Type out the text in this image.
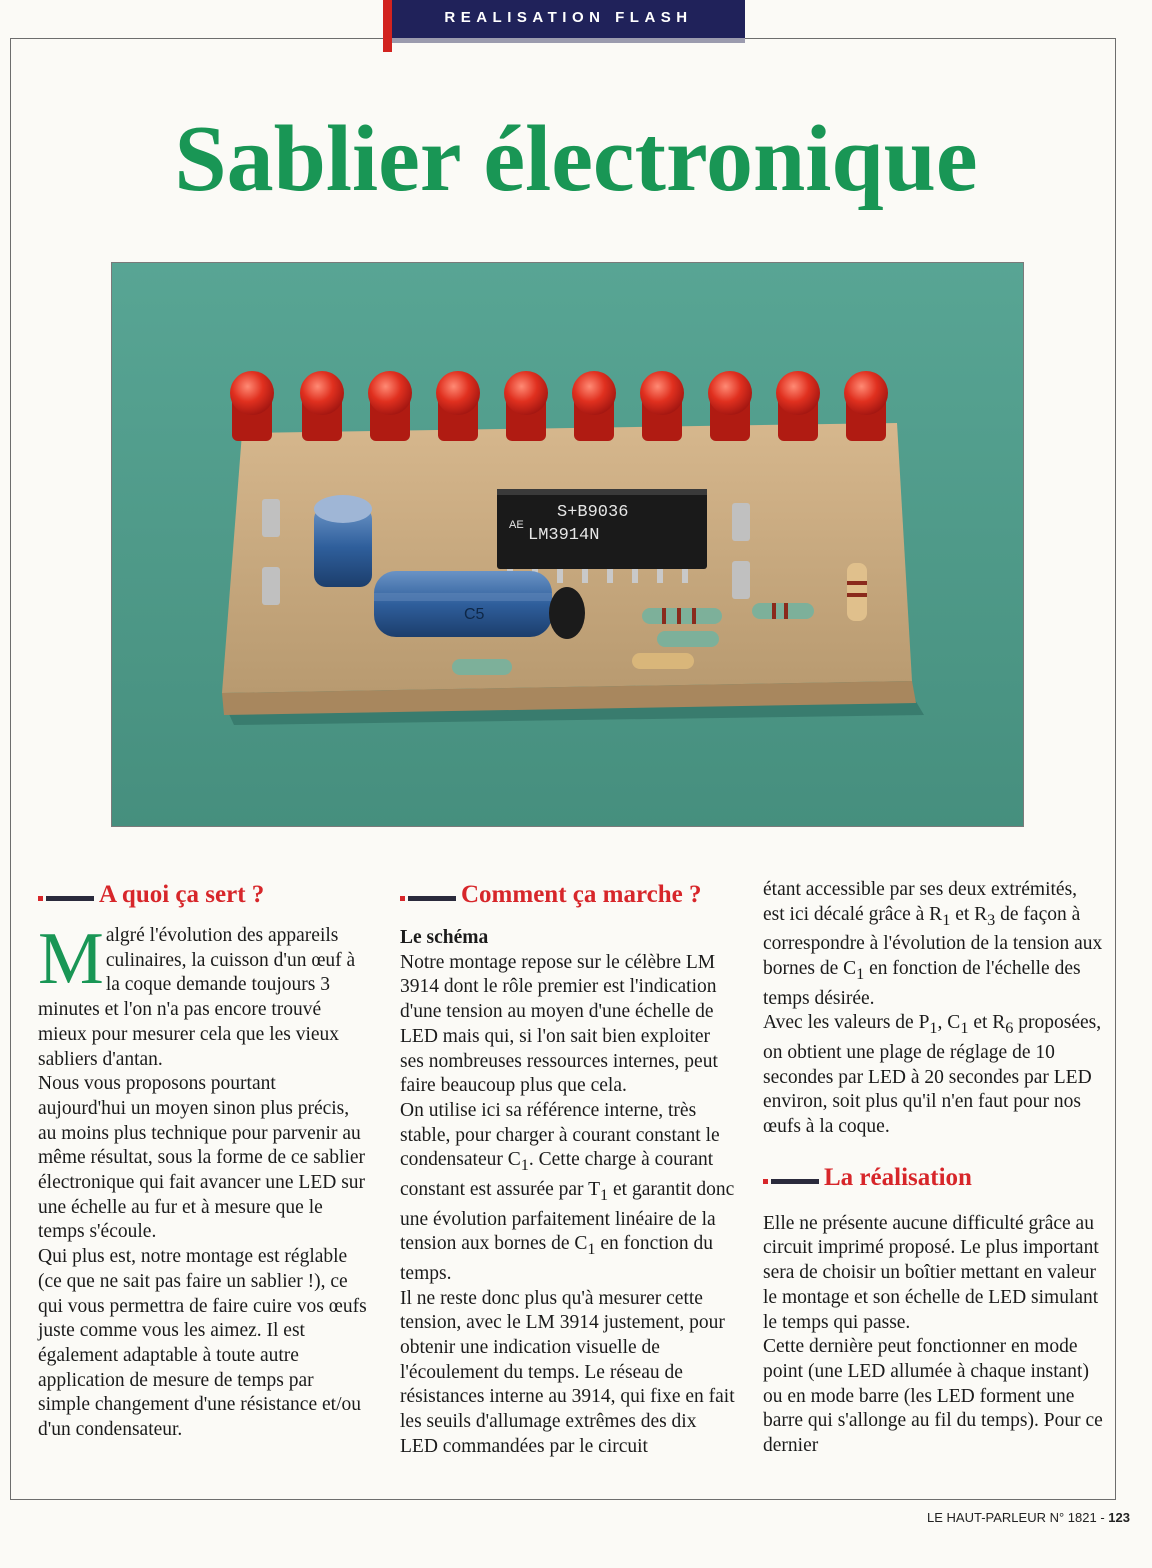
REALISATION FLASH
Sablier électronique
S+B9036
LM3914N
AE
C5
A quoi ça sert ?

Malgré l'évolution des appareils culinaires, la cuisson d'un œuf à la coque demande toujours 3 minutes et l'on n'a pas encore trouvé mieux pour mesurer cela que les vieux sabliers d'antan.

Nous vous proposons pourtant aujourd'hui un moyen sinon plus précis, au moins plus technique pour parvenir au même résultat, sous la forme de ce sablier électronique qui fait avancer une LED sur une échelle au fur et à mesure que le temps s'écoule.

Qui plus est, notre montage est réglable (ce que ne sait pas faire un sablier !), ce qui vous permettra de faire cuire vos œufs juste comme vous les aimez. Il est également adaptable à toute autre application de mesure de temps par simple changement d'une résistance et/ou d'un condensateur.

Comment ça marche ?

Le schéma

Notre montage repose sur le célèbre LM 3914 dont le rôle premier est l'indication d'une tension au moyen d'une échelle de LED mais qui, si l'on sait bien exploiter ses nombreuses ressources internes, peut faire beaucoup plus que cela.

On utilise ici sa référence interne, très stable, pour charger à courant constant le condensateur $C_1$. Cette charge à courant constant est assurée par $T_1$ et garantit donc une évolution parfaitement linéaire de la tension aux bornes de $C_1$ en fonction du temps.

Il ne reste donc plus qu'à mesurer cette tension, avec le LM 3914 justement, pour obtenir une indication visuelle de l'écoulement du temps. Le réseau de résistances interne au 3914, qui fixe en fait les seuils d'allumage extrêmes des dix LED commandées par le circuit

étant accessible par ses deux extrémités, est ici décalé grâce à $R_1$ et $R_3$ de façon à correspondre à l'évolution de la tension aux bornes de $C_1$ en fonction de l'échelle des temps désirée.

Avec les valeurs de $P_1$, $C_1$ et $R_6$ proposées, on obtient une plage de réglage de 10 secondes par LED à 20 secondes par LED environ, soit plus qu'il n'en faut pour nos œufs à la coque.

La réalisation

Elle ne présente aucune difficulté grâce au circuit imprimé proposé. Le plus important sera de choisir un boîtier mettant en valeur le montage et son échelle de LED simulant le temps qui passe.

Cette dernière peut fonctionner en mode point (une LED allumée à chaque instant) ou en mode barre (les LED forment une barre qui s'allonge au fil du temps). Pour ce dernier

LE HAUT-PARLEUR N° 1821 - 123
